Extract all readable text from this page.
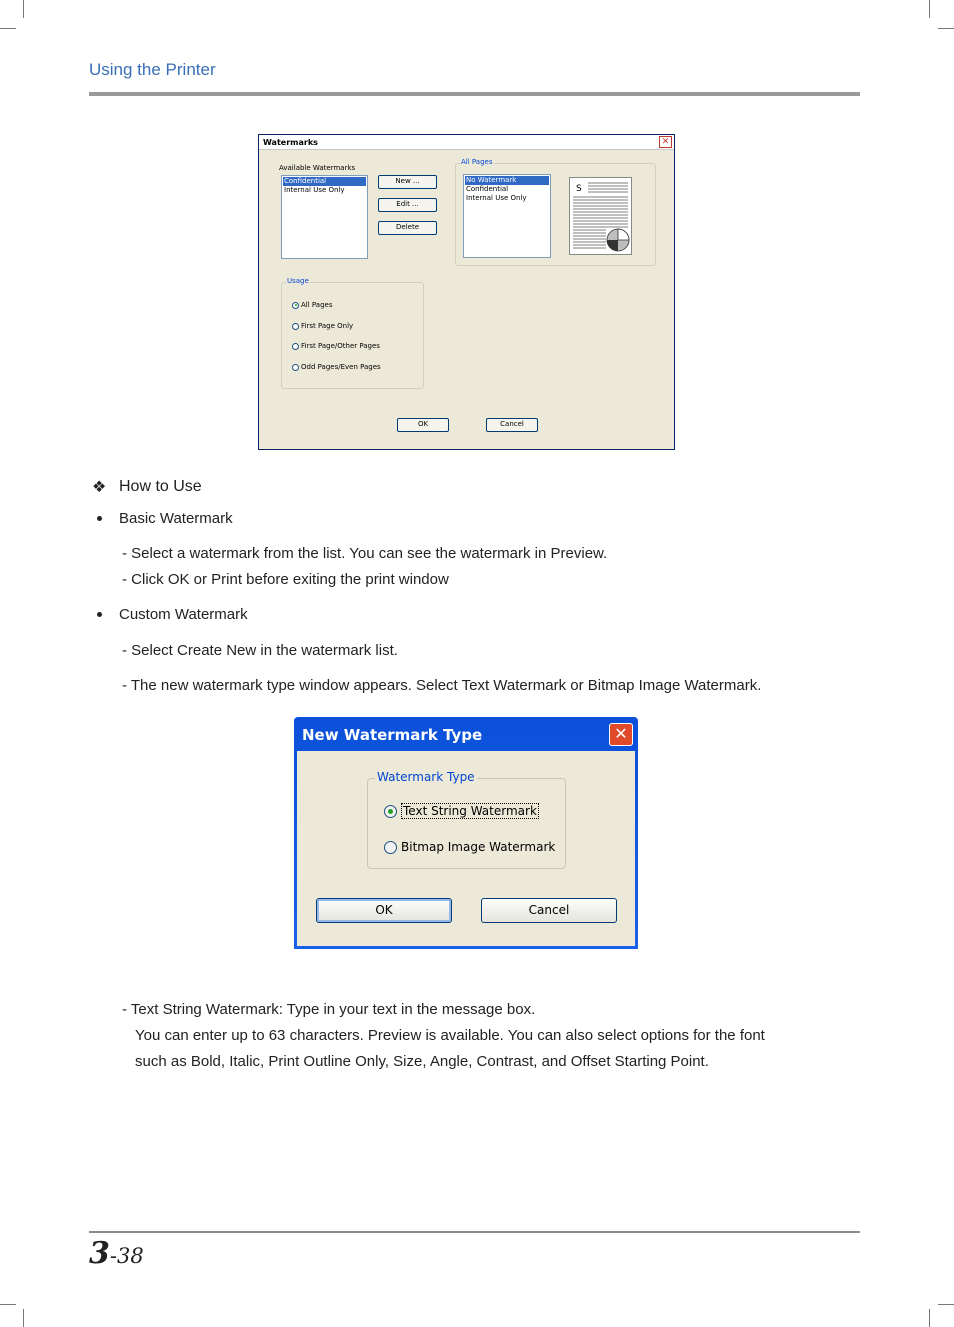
Using the Printer
Watermarks	✕
Available Watermarks
Confidential
Internal Use Only
New ...
Edit ...
Delete
All Pages
No Watermark
Confidential
Internal Use Only
S
Usage
All Pages
First Page Only
First Page/Other Pages
Odd Pages/Even Pages
OK	Cancel
❖ How to Use
Basic Watermark
- Select a watermark from the list. You can see the watermark in Preview.
- Click OK or Print before exiting the print window
Custom Watermark
- Select Create New in the watermark list.
- The new watermark type window appears. Select Text Watermark or Bitmap Image Watermark.
New Watermark Type	✕
Watermark Type
Text String Watermark
Bitmap Image Watermark
OK	Cancel
- Text String Watermark: Type in your text in the message box.
You can enter up to 63 characters. Preview is available. You can also select options for the font
such as Bold, Italic, Print Outline Only, Size, Angle, Contrast, and Offset Starting Point.
3-38
